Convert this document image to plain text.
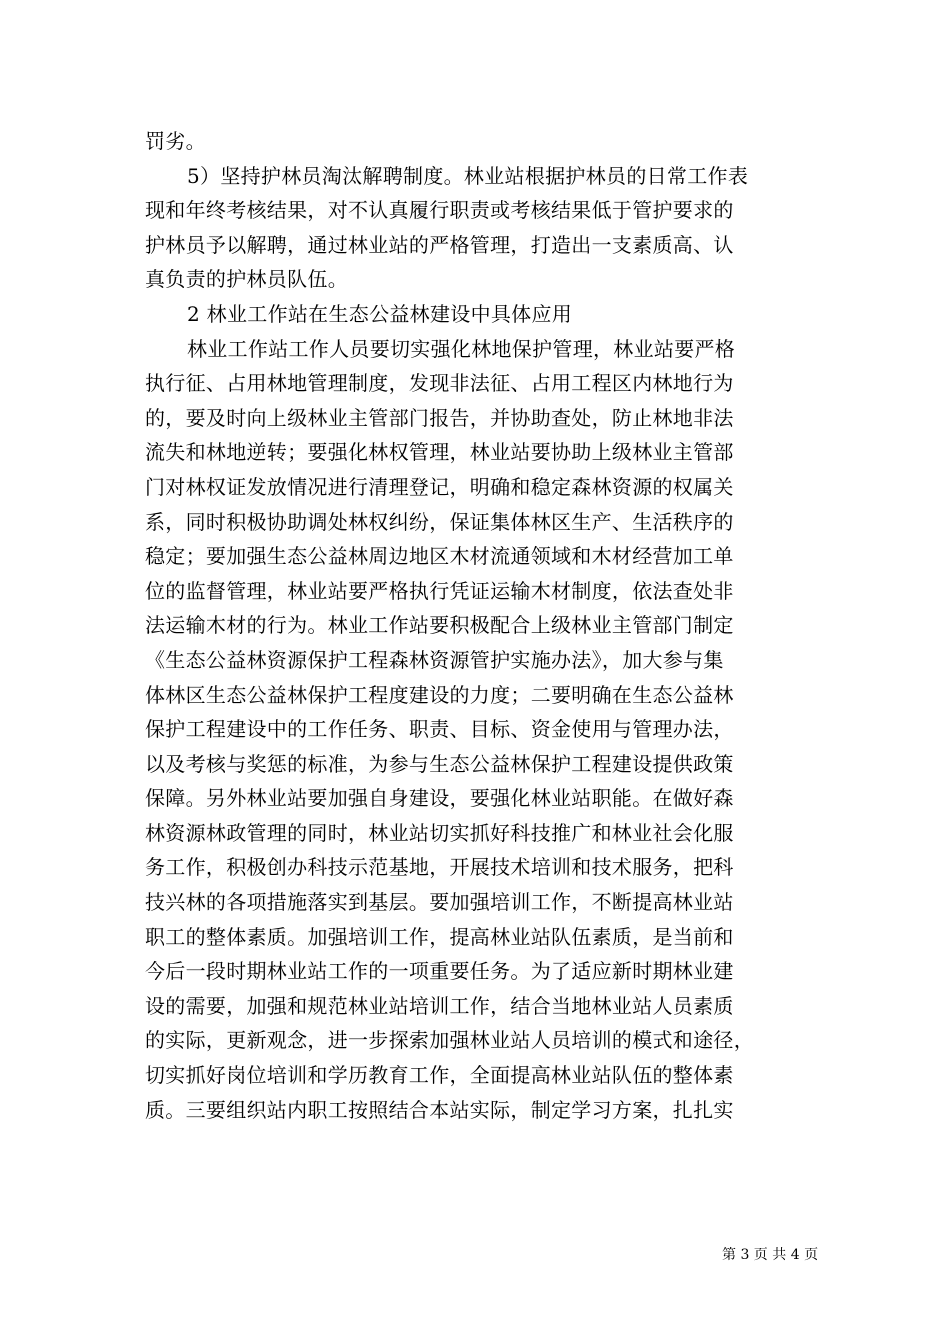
罚劣。
5）坚持护林员淘汰解聘制度。林业站根据护林员的日常工作表
现和年终考核结果，对不认真履行职责或考核结果低于管护要求的
护林员予以解聘，通过林业站的严格管理，打造出一支素质高、认
真负责的护林员队伍。
2 林业工作站在生态公益林建设中具体应用
林业工作站工作人员要切实强化林地保护管理，林业站要严格
执行征、占用林地管理制度，发现非法征、占用工程区内林地行为
的，要及时向上级林业主管部门报告，并协助查处，防止林地非法
流失和林地逆转；要强化林权管理，林业站要协助上级林业主管部
门对林权证发放情况进行清理登记，明确和稳定森林资源的权属关
系，同时积极协助调处林权纠纷，保证集体林区生产、生活秩序的
稳定；要加强生态公益林周边地区木材流通领域和木材经营加工单
位的监督管理，林业站要严格执行凭证运输木材制度，依法查处非
法运输木材的行为。林业工作站要积极配合上级林业主管部门制定
《生态公益林资源保护工程森林资源管护实施办法》，加大参与集
体林区生态公益林保护工程度建设的力度；二要明确在生态公益林
保护工程建设中的工作任务、职责、目标、资金使用与管理办法，
以及考核与奖惩的标准，为参与生态公益林保护工程建设提供政策
保障。另外林业站要加强自身建设，要强化林业站职能。在做好森
林资源林政管理的同时，林业站切实抓好科技推广和林业社会化服
务工作，积极创办科技示范基地，开展技术培训和技术服务，把科
技兴林的各项措施落实到基层。要加强培训工作，不断提高林业站
职工的整体素质。加强培训工作，提高林业站队伍素质，是当前和
今后一段时期林业站工作的一项重要任务。为了适应新时期林业建
设的需要，加强和规范林业站培训工作，结合当地林业站人员素质
的实际，更新观念，进一步探索加强林业站人员培训的模式和途径，
切实抓好岗位培训和学历教育工作，全面提高林业站队伍的整体素
质。三要组织站内职工按照结合本站实际，制定学习方案，扎扎实
第 3 页 共 4 页
